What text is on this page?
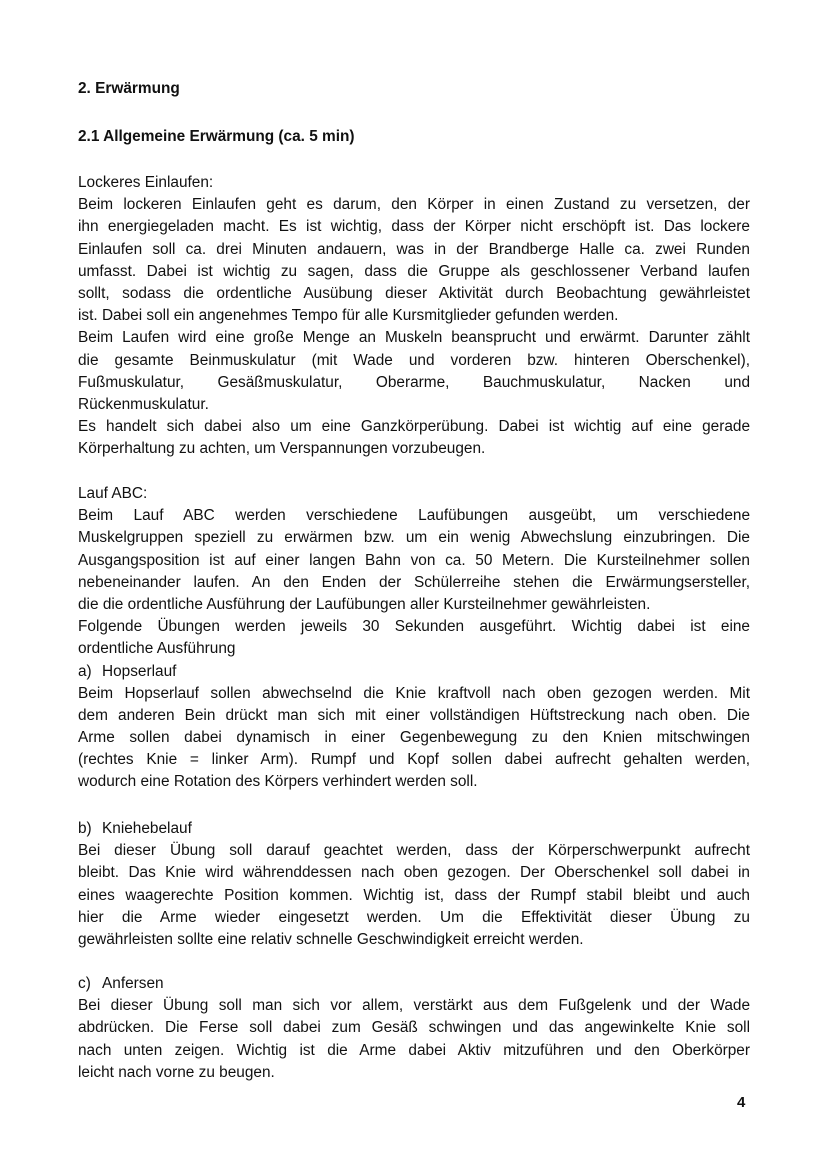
2. Erwärmung
2.1 Allgemeine Erwärmung (ca. 5 min)
Lockeres Einlaufen:
Beim lockeren Einlaufen geht es darum, den Körper in einen Zustand zu versetzen, der
ihn energiegeladen macht. Es ist wichtig, dass der Körper nicht erschöpft ist. Das lockere
Einlaufen soll ca. drei Minuten andauern, was in der Brandberge Halle ca. zwei Runden
umfasst. Dabei ist wichtig zu sagen, dass die Gruppe als geschlossener Verband laufen
sollt, sodass die ordentliche Ausübung dieser Aktivität durch Beobachtung gewährleistet
ist. Dabei soll ein angenehmes Tempo für alle Kursmitglieder gefunden werden.
Beim Laufen wird eine große Menge an Muskeln beansprucht und erwärmt. Darunter zählt
die gesamte Beinmuskulatur (mit Wade und vorderen bzw. hinteren Oberschenkel),
Fußmuskulatur, Gesäßmuskulatur, Oberarme, Bauchmuskulatur, Nacken und
Rückenmuskulatur.
Es handelt sich dabei also um eine Ganzkörperübung. Dabei ist wichtig auf eine gerade
Körperhaltung zu achten, um Verspannungen vorzubeugen.
Lauf ABC:
Beim Lauf ABC werden verschiedene Laufübungen ausgeübt, um verschiedene
Muskelgruppen speziell zu erwärmen bzw. um ein wenig Abwechslung einzubringen. Die
Ausgangsposition ist auf einer langen Bahn von ca. 50 Metern. Die Kursteilnehmer sollen
nebeneinander laufen. An den Enden der Schülerreihe stehen die Erwärmungsersteller,
die die ordentliche Ausführung der Laufübungen aller Kursteilnehmer gewährleisten.
Folgende Übungen werden jeweils 30 Sekunden ausgeführt. Wichtig dabei ist eine
ordentliche Ausführung
a) Hopserlauf
Beim Hopserlauf sollen abwechselnd die Knie kraftvoll nach oben gezogen werden. Mit
dem anderen Bein drückt man sich mit einer vollständigen Hüftstreckung nach oben. Die
Arme sollen dabei dynamisch in einer Gegenbewegung zu den Knien mitschwingen
(rechtes Knie = linker Arm). Rumpf und Kopf sollen dabei aufrecht gehalten werden,
wodurch eine Rotation des Körpers verhindert werden soll.
b) Kniehebelauf
Bei dieser Übung soll darauf geachtet werden, dass der Körperschwerpunkt aufrecht
bleibt. Das Knie wird währenddessen nach oben gezogen. Der Oberschenkel soll dabei in
eines waagerechte Position kommen. Wichtig ist, dass der Rumpf stabil bleibt und auch
hier die Arme wieder eingesetzt werden. Um die Effektivität dieser Übung zu
gewährleisten sollte eine relativ schnelle Geschwindigkeit erreicht werden.
c) Anfersen
Bei dieser Übung soll man sich vor allem, verstärkt aus dem Fußgelenk und der Wade
abdrücken. Die Ferse soll dabei zum Gesäß schwingen und das angewinkelte Knie soll
nach unten zeigen. Wichtig ist die Arme dabei Aktiv mitzuführen und den Oberkörper
leicht nach vorne zu beugen.
4
